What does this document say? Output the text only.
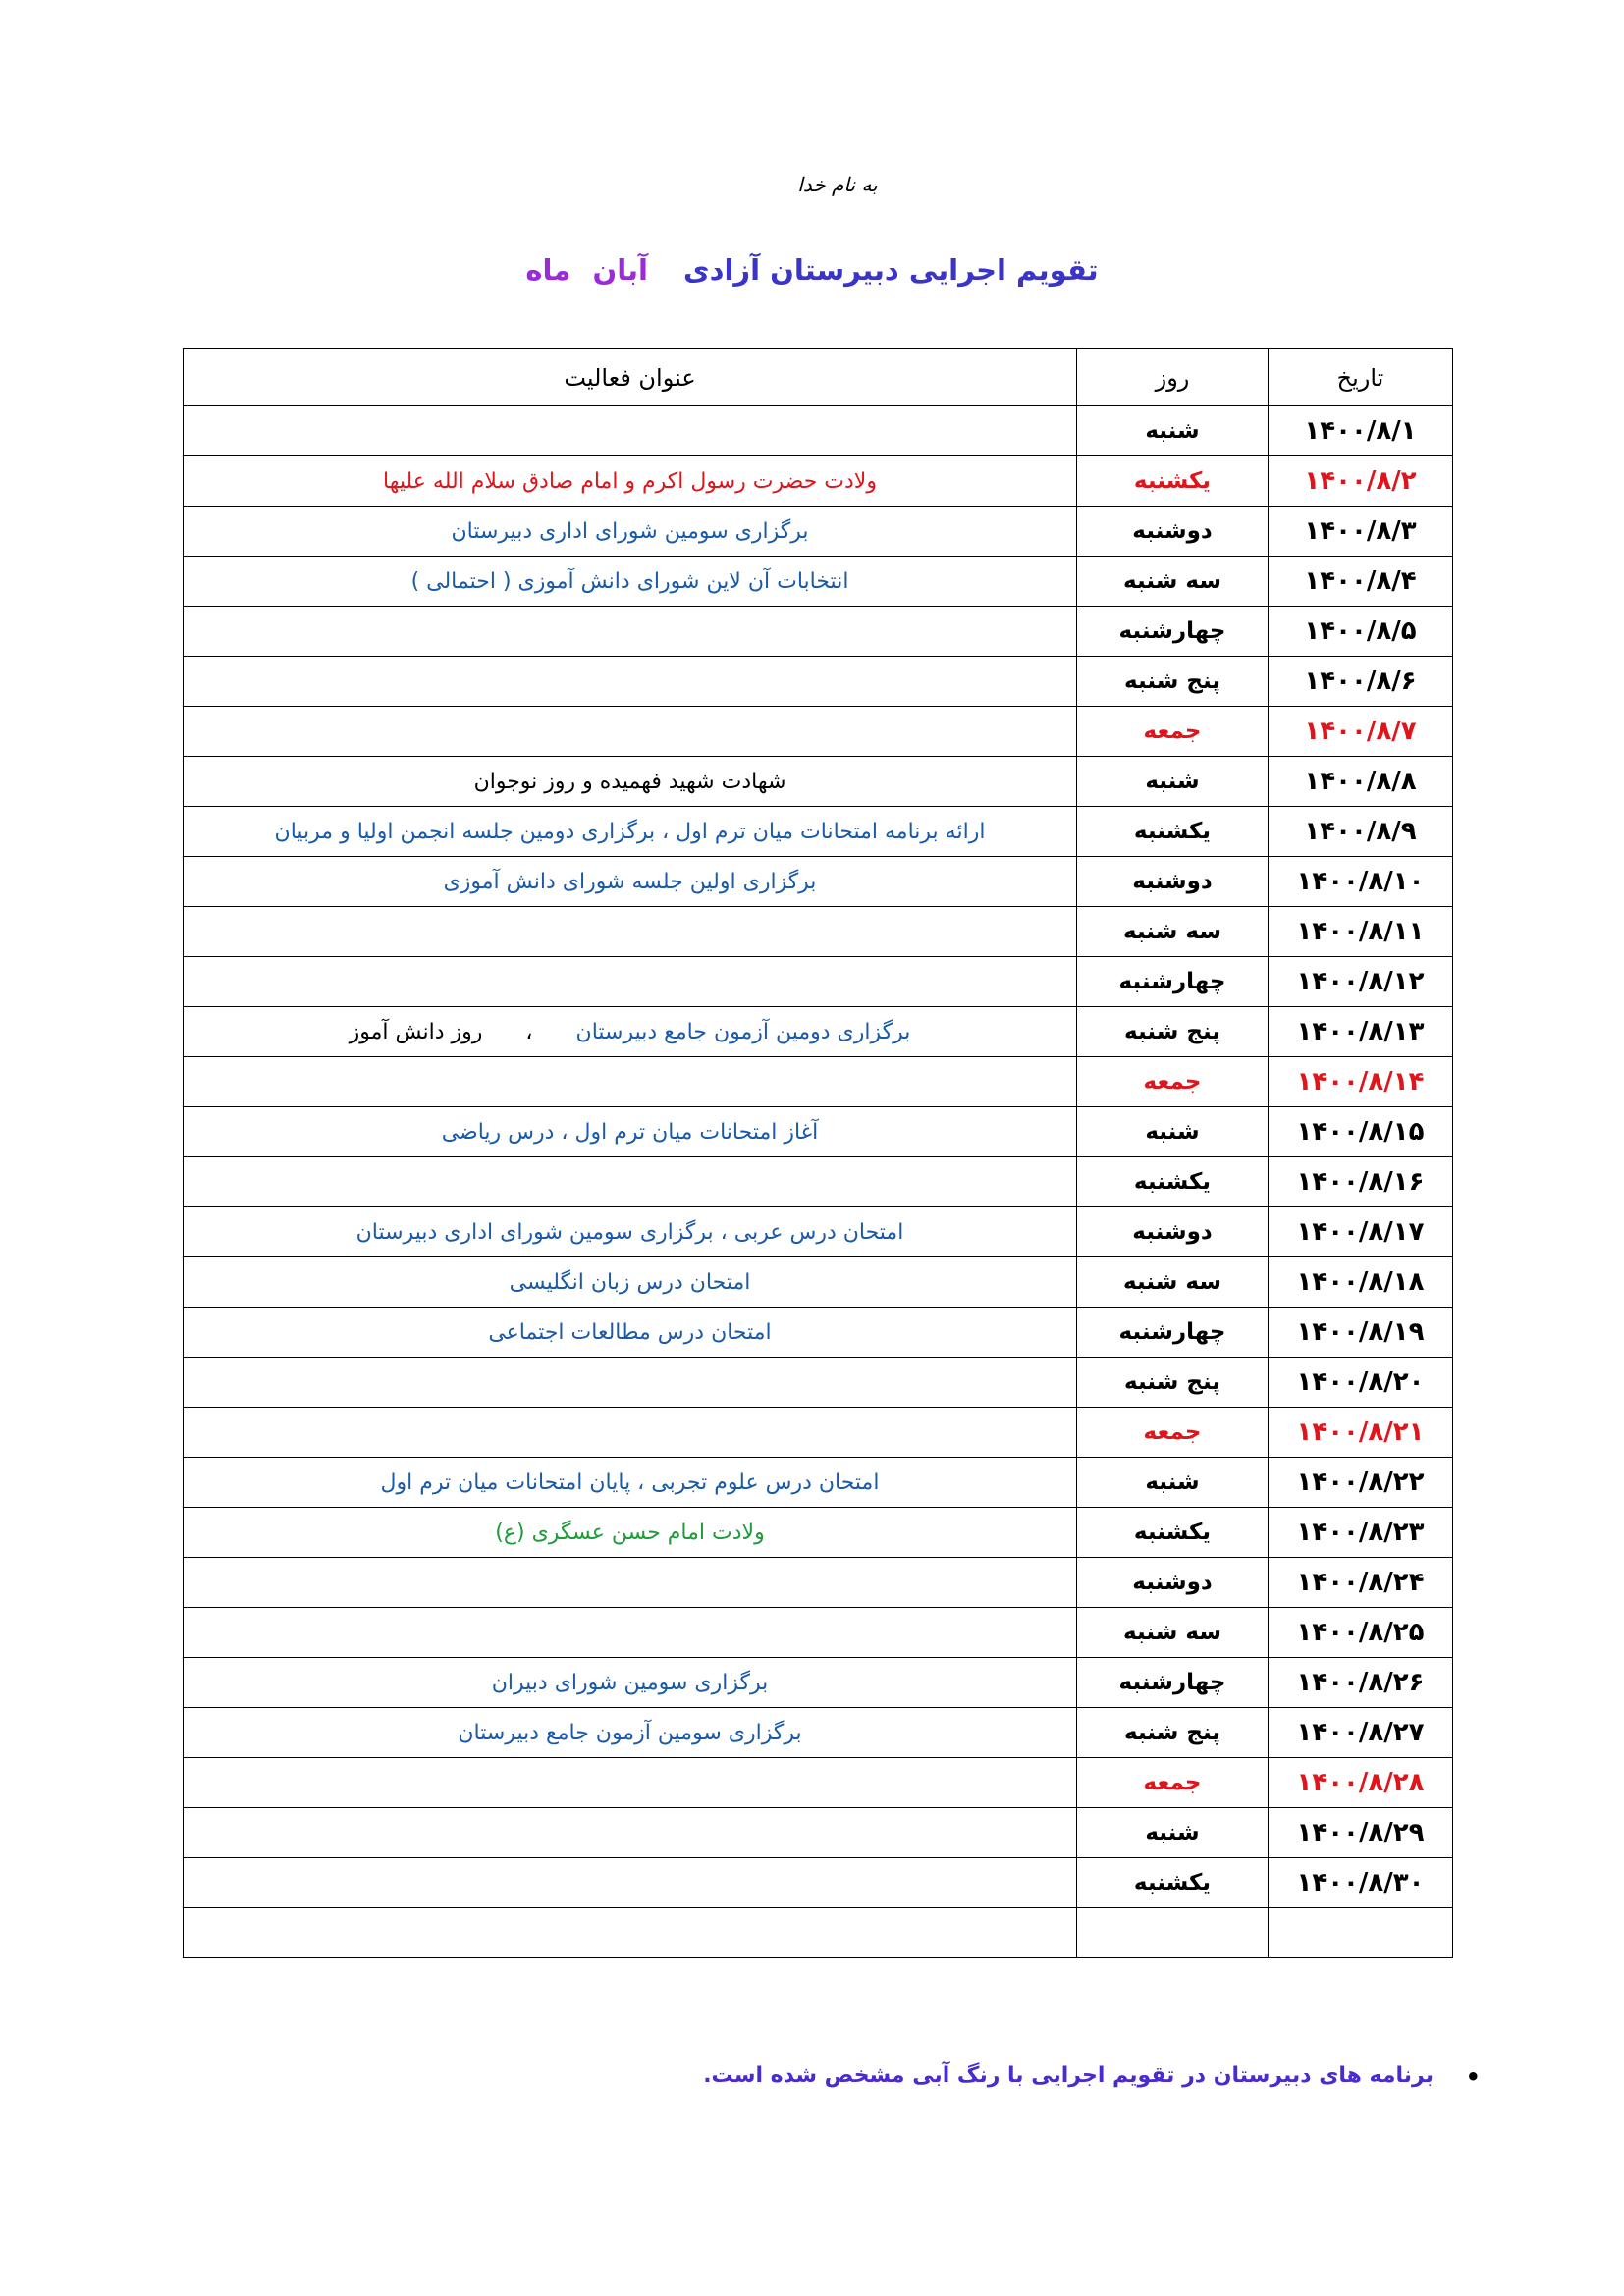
به نام خدا
تقویم اجرایی دبیرستان آزادی آبان ماه
تاریخ	روز	عنوان فعالیت
۱۴۰۰/۸/۱	شنبه	
۱۴۰۰/۸/۲	یکشنبه	ولادت حضرت رسول اکرم و امام صادق سلام الله علیها
۱۴۰۰/۸/۳	دوشنبه	برگزاری سومین شورای اداری دبیرستان
۱۴۰۰/۸/۴	سه شنبه	انتخابات آن لاین شورای دانش آموزی ( احتمالی )
۱۴۰۰/۸/۵	چهارشنبه	
۱۴۰۰/۸/۶	پنج شنبه	
۱۴۰۰/۸/۷	جمعه	
۱۴۰۰/۸/۸	شنبه	شهادت شهید فهمیده و روز نوجوان
۱۴۰۰/۸/۹	یکشنبه	ارائه برنامه امتحانات میان ترم اول ، برگزاری دومین جلسه انجمن اولیا و مربیان
۱۴۰۰/۸/۱۰	دوشنبه	برگزاری اولین جلسه شورای دانش آموزی
۱۴۰۰/۸/۱۱	سه شنبه	
۱۴۰۰/۸/۱۲	چهارشنبه	
۱۴۰۰/۸/۱۳	پنج شنبه	برگزاری دومین آزمون جامع دبیرستان،روز دانش آموز
۱۴۰۰/۸/۱۴	جمعه	
۱۴۰۰/۸/۱۵	شنبه	آغاز امتحانات میان ترم اول ، درس ریاضی
۱۴۰۰/۸/۱۶	یکشنبه	
۱۴۰۰/۸/۱۷	دوشنبه	امتحان درس عربی ، برگزاری سومین شورای اداری دبیرستان
۱۴۰۰/۸/۱۸	سه شنبه	امتحان درس زبان انگلیسی
۱۴۰۰/۸/۱۹	چهارشنبه	امتحان درس مطالعات اجتماعی
۱۴۰۰/۸/۲۰	پنج شنبه	
۱۴۰۰/۸/۲۱	جمعه	
۱۴۰۰/۸/۲۲	شنبه	امتحان درس علوم تجربی ، پایان امتحانات میان ترم اول
۱۴۰۰/۸/۲۳	یکشنبه	ولادت امام حسن عسگری (ع)
۱۴۰۰/۸/۲۴	دوشنبه	
۱۴۰۰/۸/۲۵	سه شنبه	
۱۴۰۰/۸/۲۶	چهارشنبه	برگزاری سومین شورای دبیران
۱۴۰۰/۸/۲۷	پنج شنبه	برگزاری سومین آزمون جامع دبیرستان
۱۴۰۰/۸/۲۸	جمعه	
۱۴۰۰/۸/۲۹	شنبه	
۱۴۰۰/۸/۳۰	یکشنبه	

•
برنامه های دبیرستان در تقویم اجرایی با رنگ آبی مشخص شده است.
